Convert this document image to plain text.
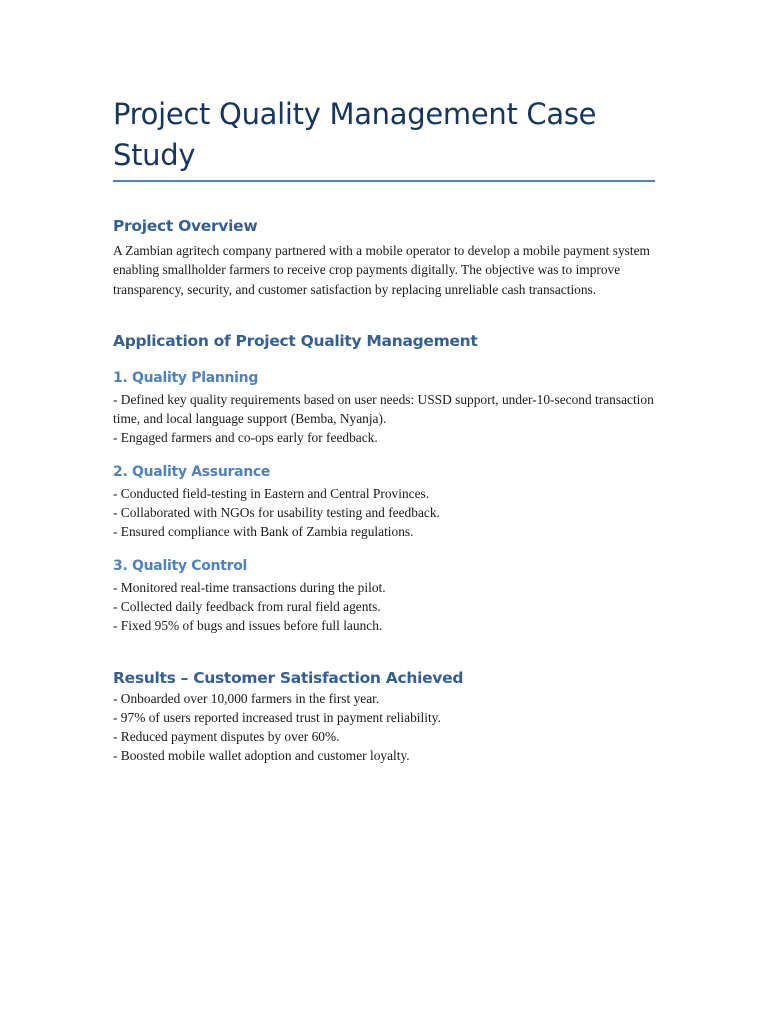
Project Quality Management Case Study
Project Overview

A Zambian agritech company partnered with a mobile operator to develop a mobile payment system enabling smallholder farmers to receive crop payments digitally. The objective was to improve transparency, security, and customer satisfaction by replacing unreliable cash transactions.

Application of Project Quality Management
1. Quality Planning

- Defined key quality requirements based on user needs: USSD support, under-10-second transaction time, and local language support (Bemba, Nyanja).

- Engaged farmers and co-ops early for feedback.

2. Quality Assurance

- Conducted field-testing in Eastern and Central Provinces.

- Collaborated with NGOs for usability testing and feedback.

- Ensured compliance with Bank of Zambia regulations.

3. Quality Control

- Monitored real-time transactions during the pilot.

- Collected daily feedback from rural field agents.

- Fixed 95% of bugs and issues before full launch.

Results – Customer Satisfaction Achieved

- Onboarded over 10,000 farmers in the first year.

- 97% of users reported increased trust in payment reliability.

- Reduced payment disputes by over 60%.

- Boosted mobile wallet adoption and customer loyalty.
